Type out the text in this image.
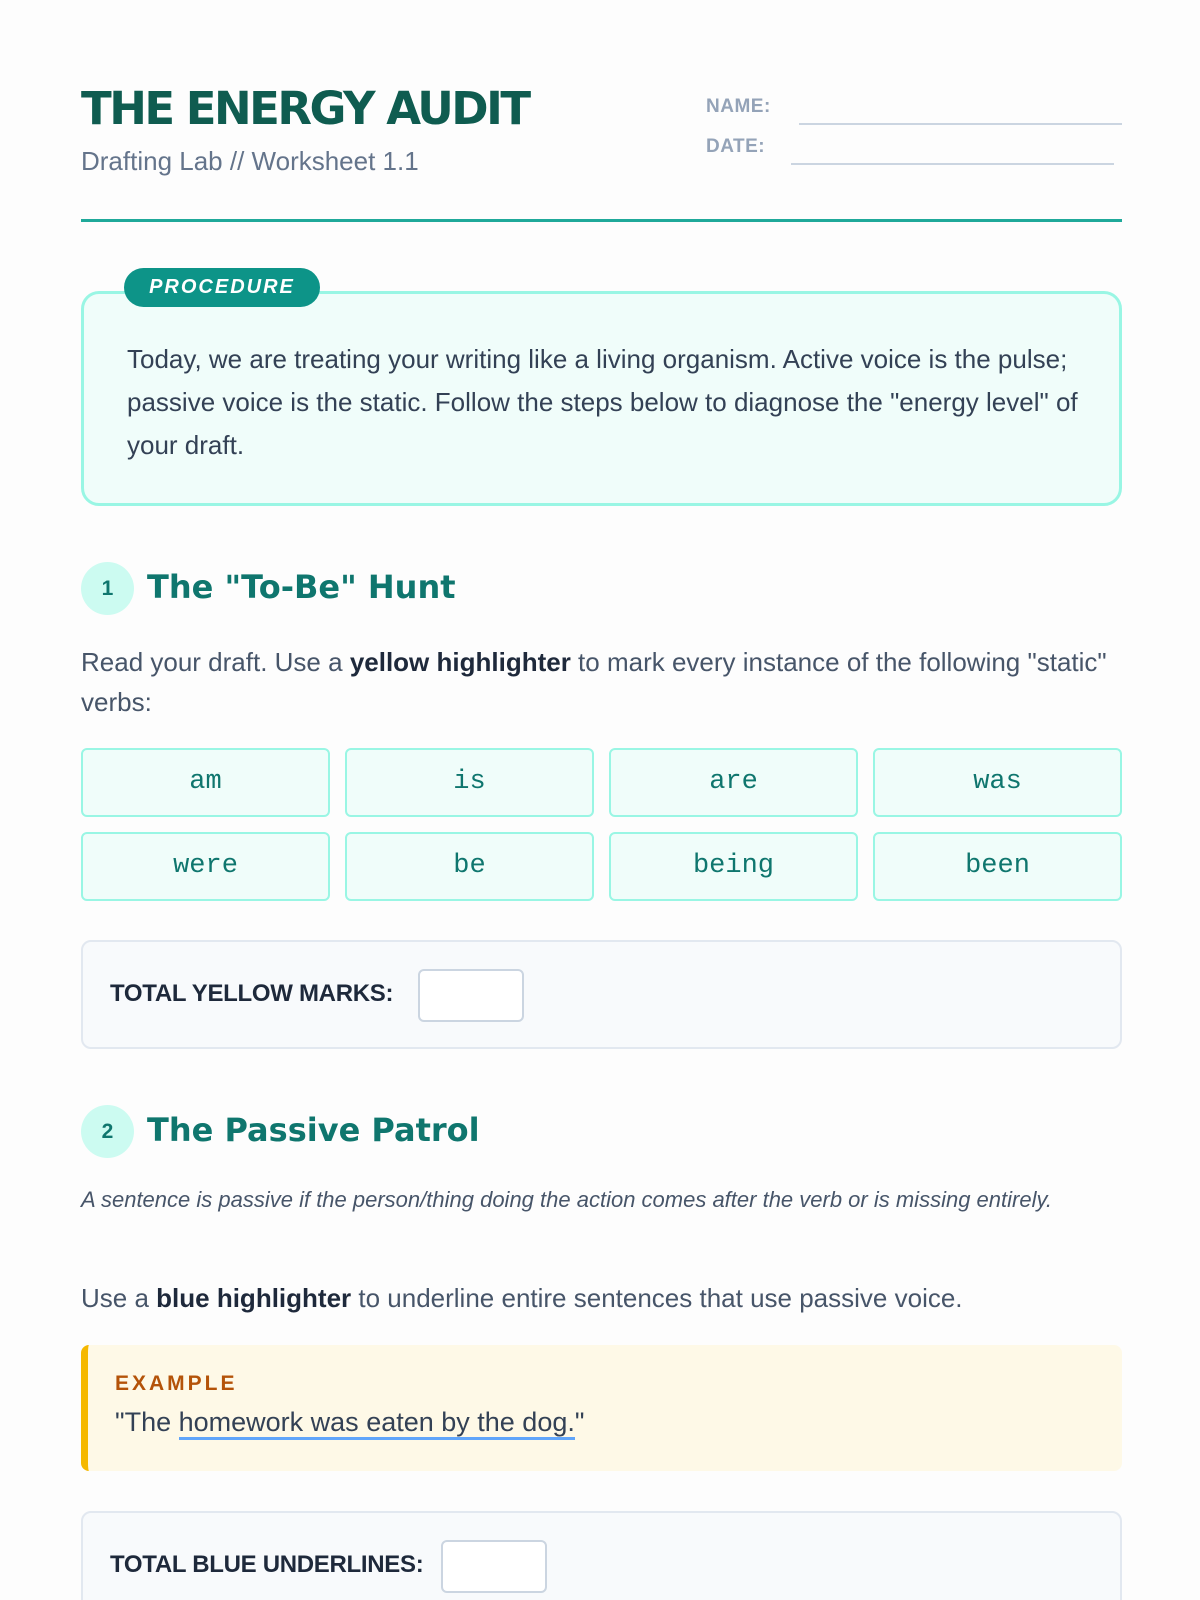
THE ENERGY AUDIT
Drafting Lab // Worksheet 1.1
NAME:
DATE:
Today, we are treating your writing like a living organism. Active voice is the pulse; passive voice is the static. Follow the steps below to diagnose the "energy level" of your draft.
PROCEDURE
1	The "To-Be" Hunt
Read your draft. Use a yellow highlighter to mark every instance of the following "static" verbs:
am	is	are	was
were	be	being	been
TOTAL YELLOW MARKS:
2	The Passive Patrol
A sentence is passive if the person/thing doing the action comes after the verb or is missing entirely.
Use a blue highlighter to underline entire sentences that use passive voice.
EXAMPLE
"The homework was eaten by the dog."
TOTAL BLUE UNDERLINES:
